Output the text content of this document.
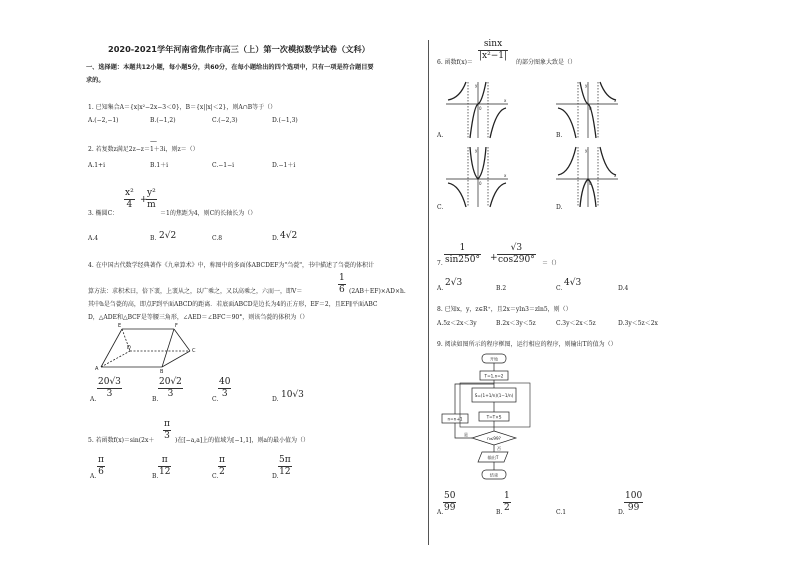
2020-2021学年河南省焦作市高三（上）第一次模拟数学试卷（文科）
一、选择题：本题共12小题，每小题5分，共60分，在每小题给出的四个选项中，只有一项是符合题目要
求的。
1. 已知集合A＝{x|x²−2x−3＜0}，B＝{x||x|＜2}，则A∩B等于（）
A.(−2,−1)	B.(−1,2)	C.(−2,3)	D.(−1,3)
—
2. 若复数z满足2z−z＝1＋3i，则z＝（）
A.1+i	B.1＋i	C.−1−i	D.−1＋i
$\frac{\text{x²}}{4}$ +
$\frac{\text{y²}}{m}$
3. 椭圆C：	＝1的焦距为4，则C的长轴长为（）
A.4	B. 2√2	C.8	D. 4√2
4. 在中国古代数学经典著作《九章算术》中，称图中的多面体ABCDEF为"刍甍"，书中描述了刍甍的体积计
$\frac{1}{6}$
算方法：求积术曰，倍下袤，上袤从之，以广乘之，又以高乘之，六而一，即V＝	(2AB＋EF)×AD×h.
其中h是刍甍的高，即点F到平面ABCD的距离．若底面ABCD是边长为4的正方形，EF＝2，且EF∥平面ABC
D，△ADE和△BCF是等腰三角形，∠AED＝∠BFC＝90°，则该刍甍的体积为（）
E	F
D	C
A	B
A. $\frac{20√3}{3}$	B. $\frac{20√2}{3}$	C. $\frac{40}{3}$	D. 10√3
$\frac{\pi}{3}$
5. 若函数f(x)＝sin(2x＋	)在[−a,a]上的值域为[−1,1]，则a的最小值为（）
A. $\frac{\pi}{6}$	B. $\frac{\pi}{12}$	C. $\frac{\pi}{2}$	D. $\frac{5\pi}{12}$
$\frac{\sin x}{\text{|x²−1|}}$
6. 函数f(x)＝	的部分图象大致是（）
y
x
0
A.
y
x
0
B.
y
x
0
C.
y
x
0
D.
7. $\frac{1}{\sin 250^\circ} + \frac{√3}{\cos 290^\circ}$ ＝（）
A.
2√3
B.2	C.
4√3
D.4
8. 已知x，y，z∈R⁺，且2x＝yln3＝zln5，则（）
A.5z＜2x＜3y	B.2x＜3y＜5z	C.3y＜2x＜5z	D.3y＜5z＜2x
9. 阅读如图所示的程序框图，运行相应的程序，则输出T的值为（）
开始
T=1,n=2
S=(1+1/n)(1−1/n)
T=T×S
n≤99?
n=n+1
是
否
输出T
结束
A. $\frac{50}{99}$	B. $\frac{1}{2}$	C.1	D. $\frac{100}{99}$
